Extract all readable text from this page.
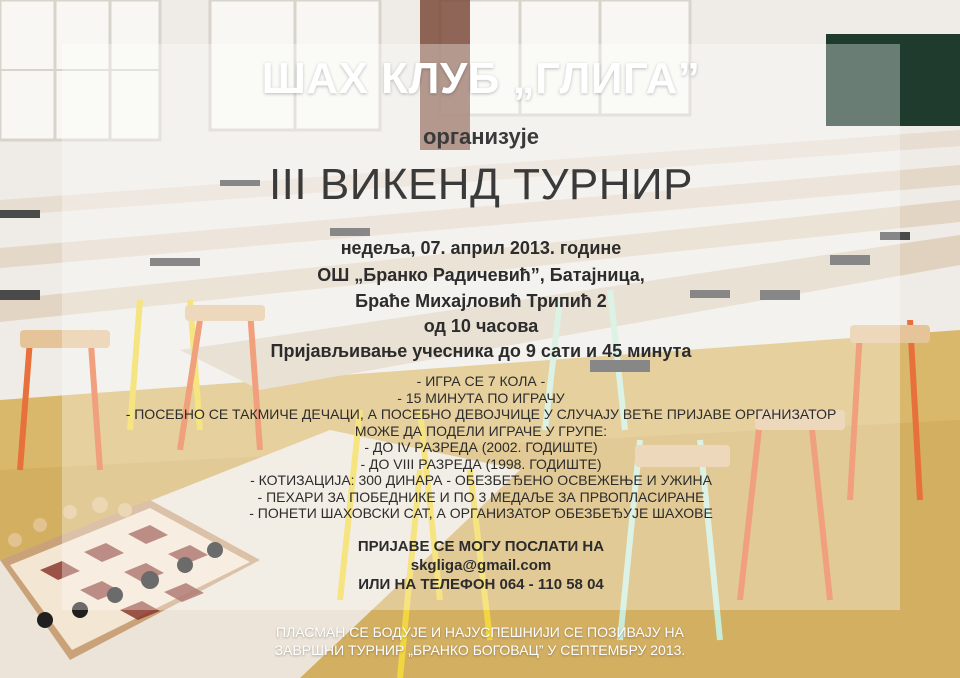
ШАХ КЛУБ „ГЛИГА”
организује
III ВИКЕНД ТУРНИР
недеља, 07. април 2013. године
ОШ „Бранко Радичевић”, Батајница,
Браће Михајловић Трипић 2
од 10 часова
Пријављивање учесника до 9 сати и 45 минута
- ИГРА СЕ 7 КОЛА -
- 15 МИНУТА ПО ИГРАЧУ
- ПОСЕБНО СЕ ТАКМИЧЕ ДЕЧАЦИ, А ПОСЕБНО ДЕВОЈЧИЦЕ У СЛУЧАЈУ ВЕЋЕ ПРИЈАВЕ ОРГАНИЗАТОР
МОЖЕ ДА ПОДЕЛИ ИГРАЧЕ У ГРУПЕ:
- ДО IV РАЗРЕДА (2002. ГОДИШТЕ)
- ДО VIII РАЗРЕДА (1998. ГОДИШТЕ)
- КОТИЗАЦИЈА: 300 ДИНАРА - ОБЕЗБЕЂЕНО ОСВЕЖЕЊЕ И УЖИНА
- ПЕХАРИ ЗА ПОБЕДНИКЕ И ПО 3 МЕДАЉЕ ЗА ПРВОПЛАСИРАНЕ
- ПОНЕТИ ШАХОВСКИ САТ, А ОРГАНИЗАТОР ОБЕЗБЕЂУЈЕ ШАХОВЕ
ПРИЈАВЕ СЕ МОГУ ПОСЛАТИ НА
skgliga@gmail.com
ИЛИ НА ТЕЛЕФОН 064 - 110 58 04
ПЛАСМАН СЕ БОДУЈЕ И НАЈУСПЕШНИЈИ СЕ ПОЗИВАЈУ НА
ЗАВРШНИ ТУРНИР „БРАНКО БОГОВАЦ” У СЕПТЕМБРУ 2013.
